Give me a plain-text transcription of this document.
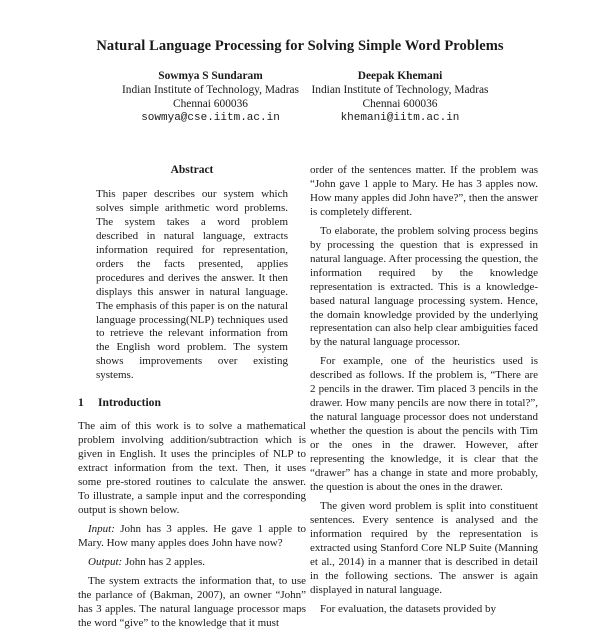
Natural Language Processing for Solving Simple Word Problems
Sowmya S Sundaram
Indian Institute of Technology, Madras
Chennai 600036
sowmya@cse.iitm.ac.in
Deepak Khemani
Indian Institute of Technology, Madras
Chennai 600036
khemani@iitm.ac.in
Abstract

This paper describes our system which solves simple arithmetic word problems. The system takes a word problem described in natural language, extracts information required for representation, orders the facts presented, applies procedures and derives the answer. It then displays this answer in natural language. The emphasis of this paper is on the natural language processing(NLP) techniques used to retrieve the relevant information from the English word problem. The system shows improvements over existing systems.

1 Introduction

The aim of this work is to solve a mathematical problem involving addition/subtraction which is given in English. It uses the principles of NLP to extract information from the text. Then, it uses some pre-stored routines to calculate the answer. To illustrate, a sample input and the corresponding output is shown below.

Input: John has 3 apples. He gave 1 apple to Mary. How many apples does John have now?

Output: John has 2 apples.

The system extracts the information that, to use the parlance of (Bakman, 2007), an owner “John” has 3 apples. The natural language processor maps the word “give” to the knowledge that it must

order of the sentences matter. If the problem was “John gave 1 apple to Mary. He has 3 apples now. How many apples did John have?”, then the answer is completely different.

To elaborate, the problem solving process begins by processing the question that is expressed in natural language. After processing the question, the information required by the knowledge representation is extracted. This is a knowledge-based natural language processing system. Hence, the domain knowledge provided by the underlying representation can also help clear ambiguities faced by the natural language processor.

For example, one of the heuristics used is described as follows. If the problem is, “There are 2 pencils in the drawer. Tim placed 3 pencils in the drawer. How many pencils are now there in total?”, the natural language processor does not understand whether the question is about the pencils with Tim or the ones in the drawer. However, after representing the knowledge, it is clear that the “drawer” has a change in state and more probably, the question is about the ones in the drawer.

The given word problem is split into constituent sentences. Every sentence is analysed and the information required by the representation is extracted using Stanford Core NLP Suite (Manning et al., 2014) in a manner that is described in detail in the following sections. The answer is again displayed in natural language.

For evaluation, the datasets provided by
